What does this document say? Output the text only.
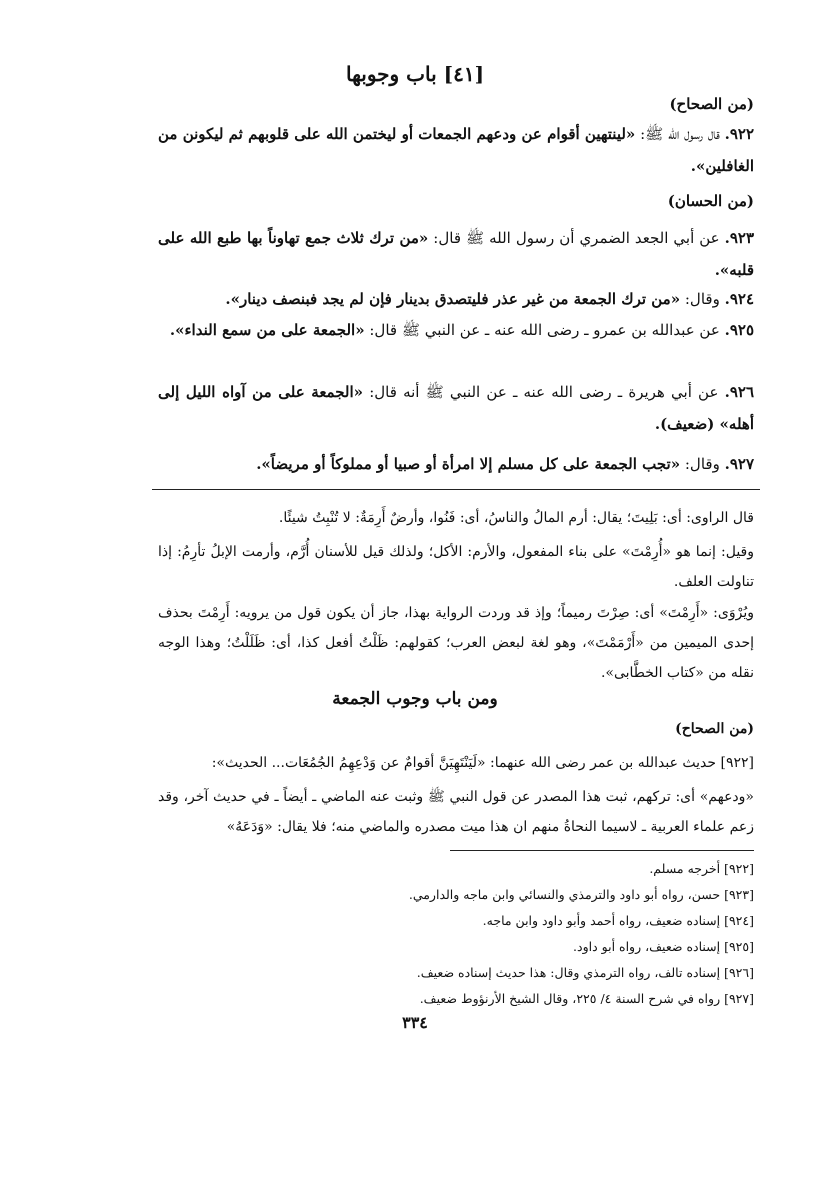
[٤١] باب وجوبها
(من الصحاح)
٩٢٢. قال رسول الله ﷺ: «لينتهين أقوام عن ودعهم الجمعات أو ليختمن الله على قلوبهم ثم ليكونن من الغافلين».
(من الحسان)
٩٢٣. عن أبي الجعد الضمري أن رسول الله ﷺ قال: «من ترك ثلاث جمع تهاوناً بها طبع الله على قلبه».
٩٢٤. وقال: «من ترك الجمعة من غير عذر فليتصدق بدينار فإن لم يجد فبنصف دينار».
٩٢٥. عن عبدالله بن عمرو ـ رضى الله عنه ـ عن النبي ﷺ قال: «الجمعة على من سمع النداء».
٩٢٦. عن أبي هريرة ـ رضى الله عنه ـ عن النبي ﷺ أنه قال: «الجمعة على من آواه الليل إلى أهله» (ضعيف).
٩٢٧. وقال: «تجب الجمعة على كل مسلم إلا امرأة أو صبيا أو مملوكاً أو مريضاً».
قال الراوى: أى: بَلِيتَ؛ يقال: أرم المالُ والناسُ، أى: فَنُوا، وأرضٌ أَرِمَةٌ: لا تُنْبِتُ شيئًا.
وقيل: إنما هو «أُرِمْتَ» على بناء المفعول، والأرم: الأكل؛ ولذلك قيل للأسنان أُرَّم، وأرمت الإبلُ تأرِمُ: إذا تناولت العلف.
ويُرْوَى: «أَرِمْتَ» أى: صِرْتَ رميماً؛ وإذ قد وردت الرواية بهذا، جاز أن يكون قول من يرويه: أَرِمْتَ بحذف إحدى الميمين من «أَرْمَمْتَ»، وهو لغة لبعض العرب؛ كقولهم: ظَلْتُ أفعل كذا، أى: ظَلَلْتُ؛ وهذا الوجه نقله من «كتاب الخطَّابى».
ومن باب وجوب الجمعة
(من الصحاح)
[٩٢٢] حديث عبدالله بن عمر رضى الله عنهما: «لَيَنْتَهِيَنَّ أقوامٌ عن وَدْعِهِمُ الجُمُعَات... الحديث»:
«ودعهم» أى: تركهم، ثبت هذا المصدر عن قول النبي ﷺ وثبت عنه الماضي ـ أيضاً ـ في حديث آخر، وقد زعم علماء العربية ـ لاسيما النحاةُ منهم ان هذا ميت مصدره والماضي منه؛ فلا يقال: «وَدَعَهُ»
[٩٢٢] أخرجه مسلم.
[٩٢٣] حسن، رواه أبو داود والترمذي والنسائي وابن ماجه والدارمي.
[٩٢٤] إسناده ضعيف، رواه أحمد وأبو داود وابن ماجه.
[٩٢٥] إسناده ضعيف، رواه أبو داود.
[٩٢٦] إسناده تالف، رواه الترمذي وقال: هذا حديث إسناده ضعيف.
[٩٢٧] رواه في شرح السنة ٤/ ٢٢٥، وقال الشيخ الأرنؤوط ضعيف.
٣٣٤
